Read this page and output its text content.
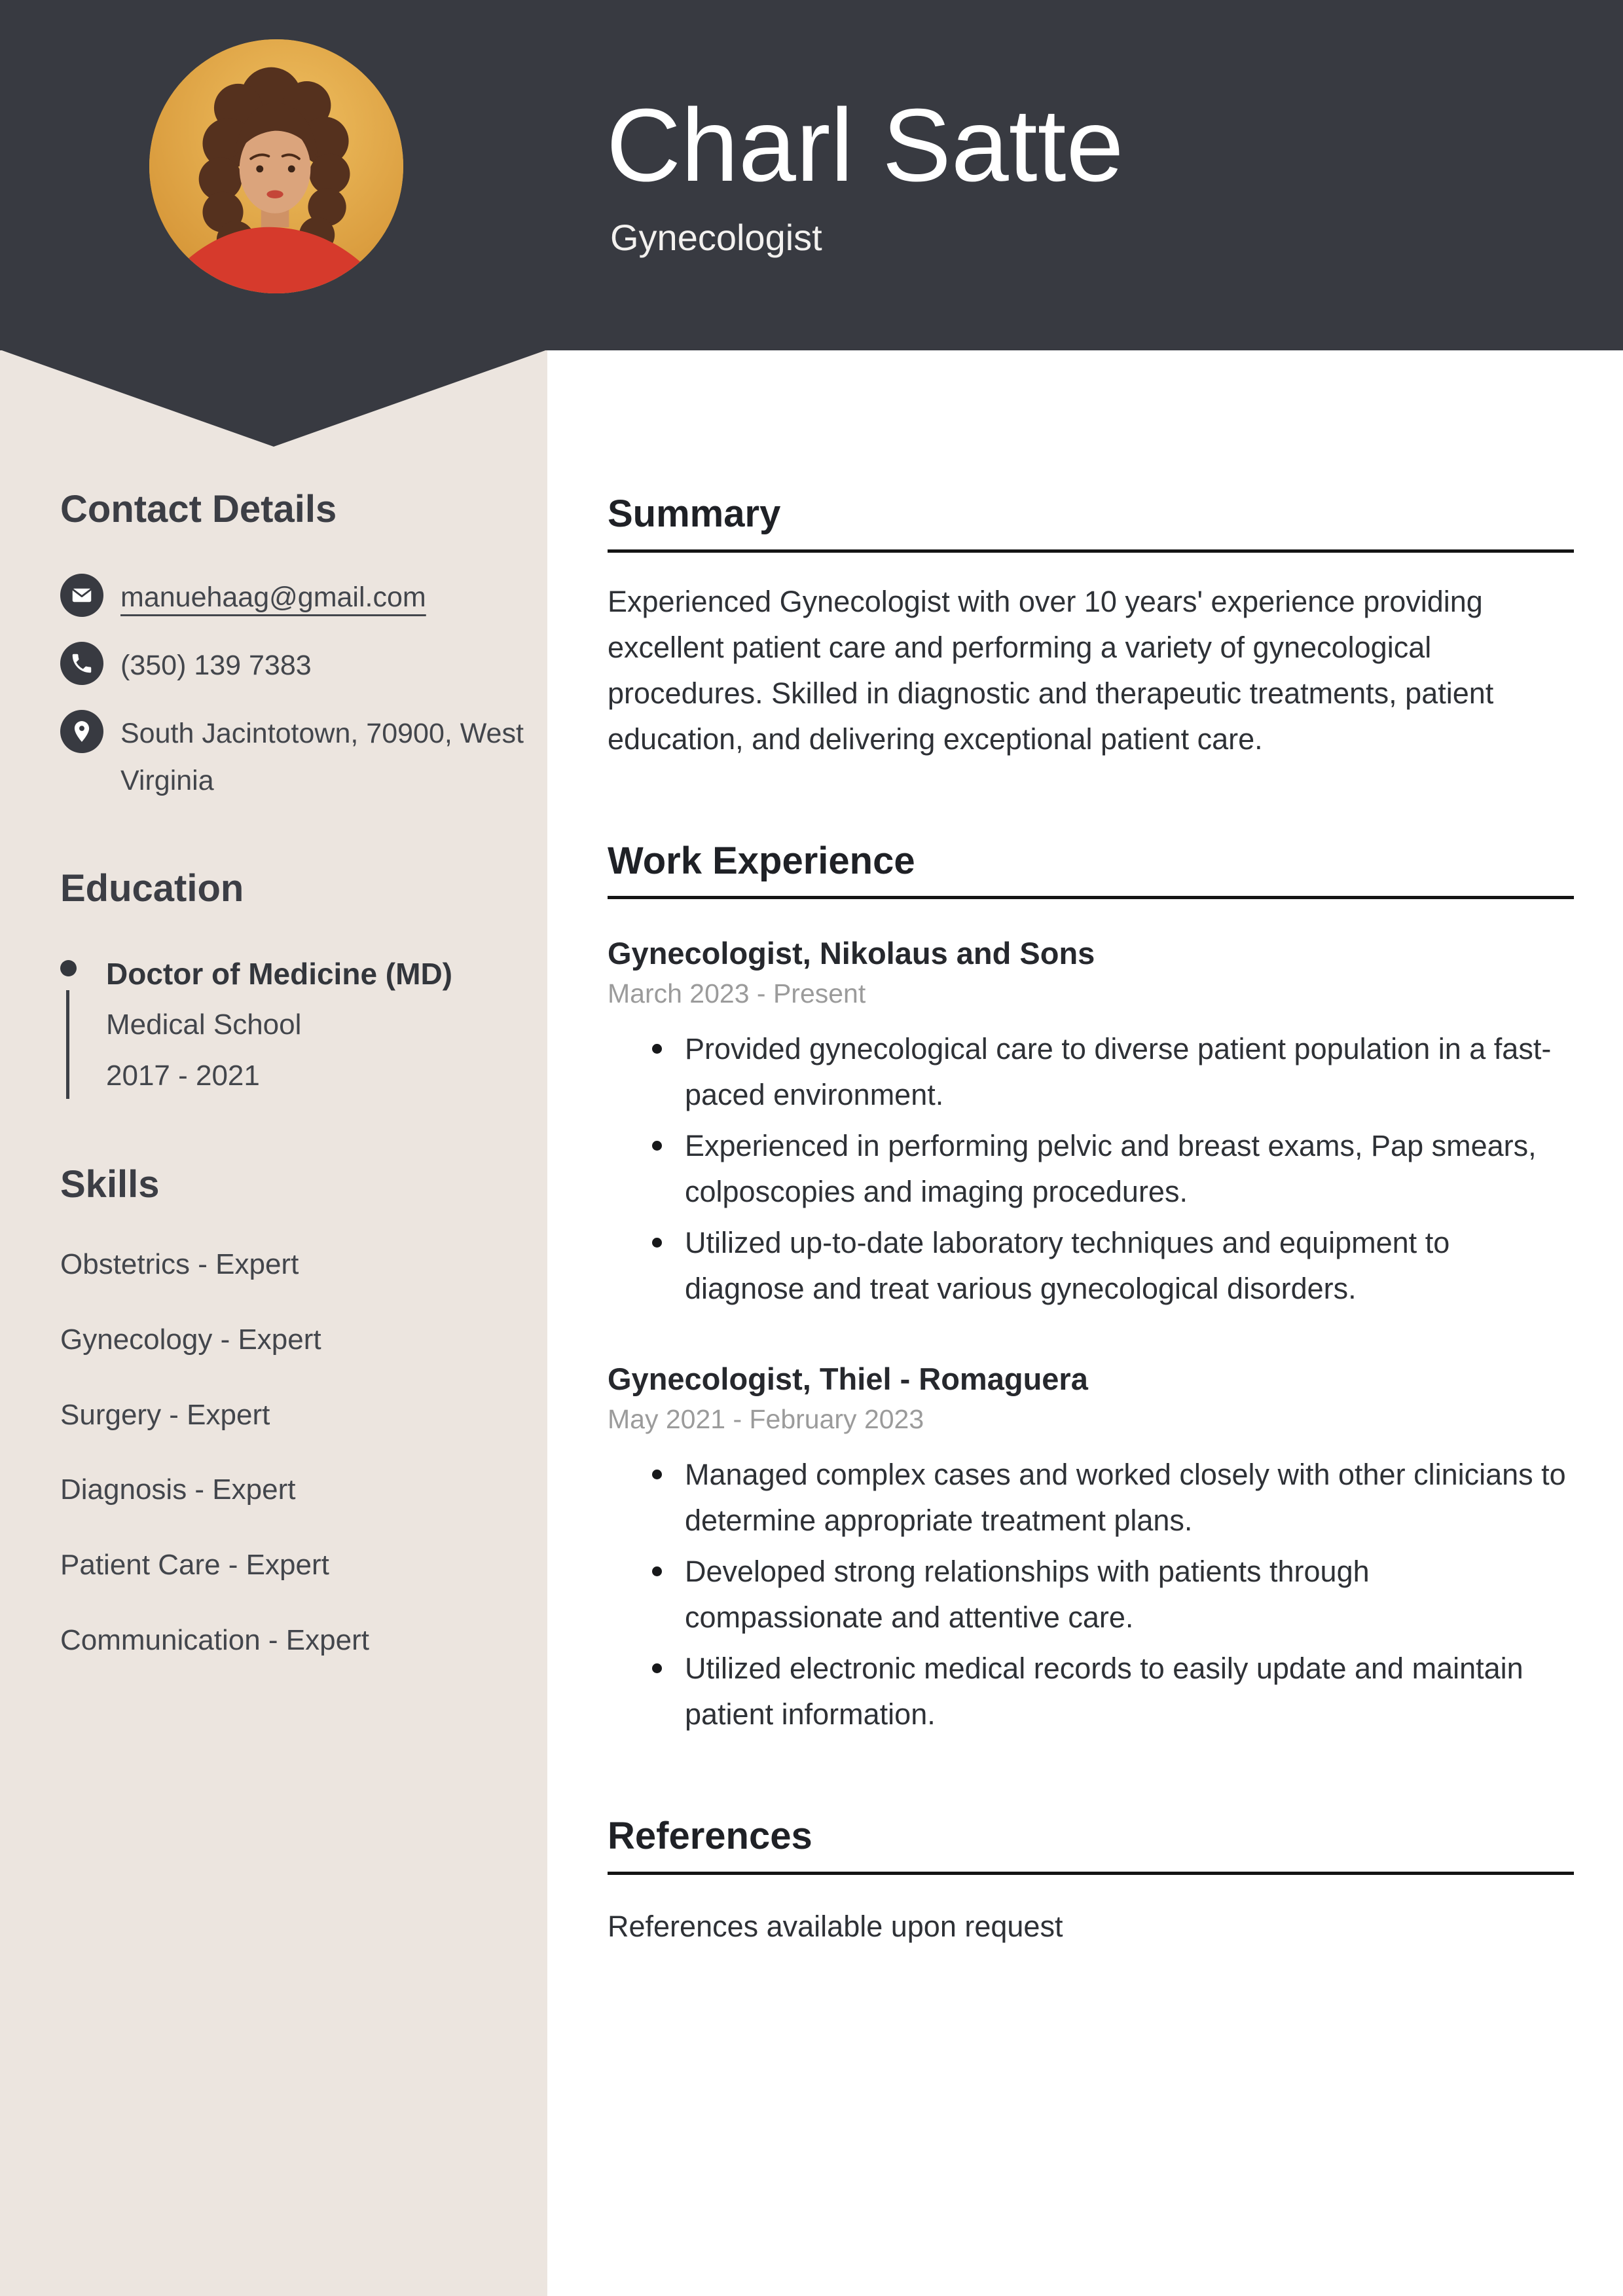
Charl Satte
Gynecologist
Contact Details
manuehaag@gmail.com
(350) 139 7383
South Jacintotown, 70900, West Virginia
Education
Doctor of Medicine (MD)
Medical School
2017 - 2021
Skills
Obstetrics - Expert
Gynecology - Expert
Surgery - Expert
Diagnosis - Expert
Patient Care - Expert
Communication - Expert
Summary
Experienced Gynecologist with over 10 years' experience providing excellent patient care and performing a variety of gynecological procedures. Skilled in diagnostic and therapeutic treatments, patient education, and delivering exceptional patient care.
Work Experience
Gynecologist, Nikolaus and Sons
March 2023 - Present
Provided gynecological care to diverse patient population in a fast-paced environment.
Experienced in performing pelvic and breast exams, Pap smears, colposcopies and imaging procedures.
Utilized up-to-date laboratory techniques and equipment to diagnose and treat various gynecological disorders.
Gynecologist, Thiel - Romaguera
May 2021 - February 2023
Managed complex cases and worked closely with other clinicians to determine appropriate treatment plans.
Developed strong relationships with patients through compassionate and attentive care.
Utilized electronic medical records to easily update and maintain patient information.
References
References available upon request
